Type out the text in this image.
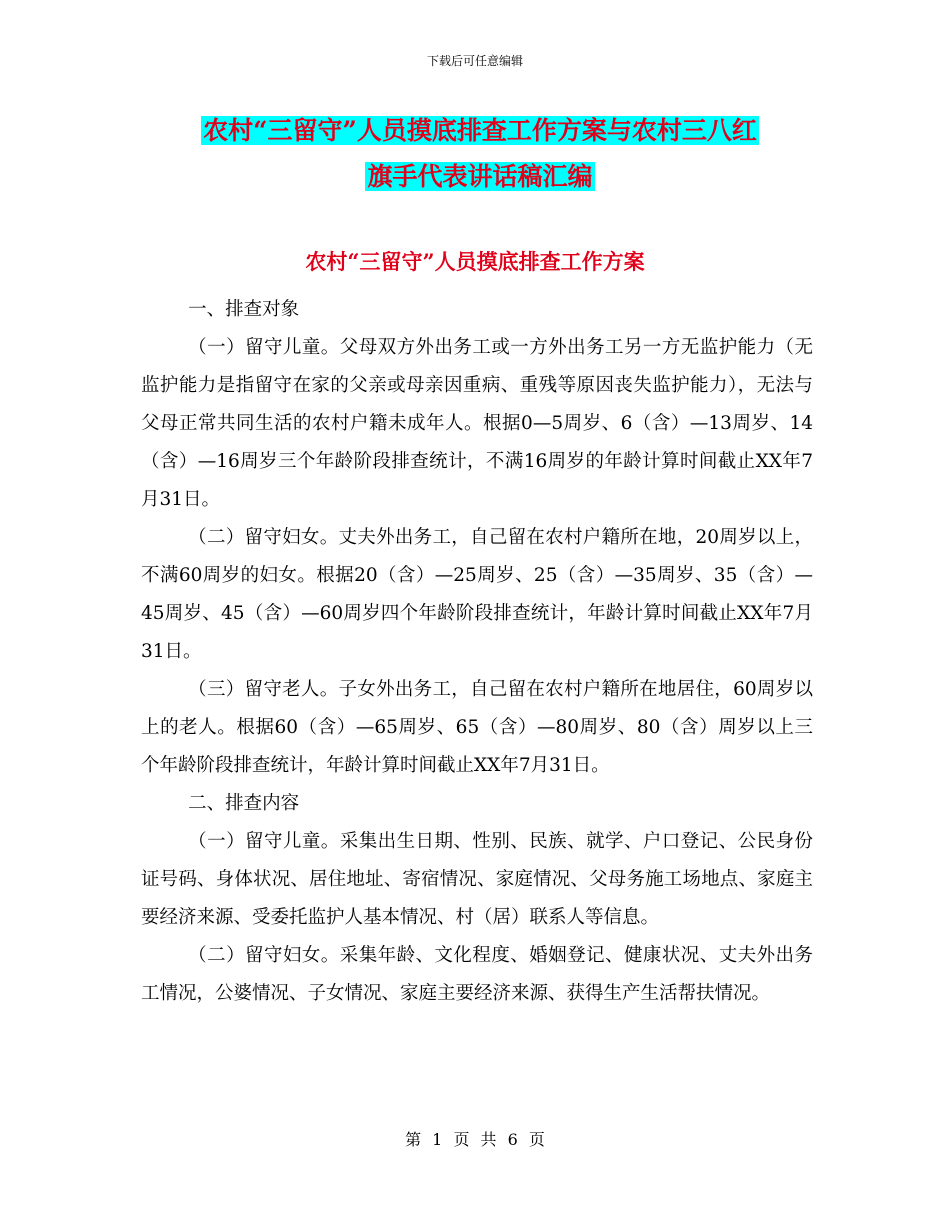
下载后可任意编辑
农村“三留守”人员摸底排查工作方案与农村三八红
旗手代表讲话稿汇编
农村“三留守”人员摸底排查工作方案

一、排查对象

（一）留守儿童。父母双方外出务工或一方外出务工另一方无监护能力（无监护能力是指留守在家的父亲或母亲因重病、重残等原因丧失监护能力），无法与父母正常共同生活的农村户籍未成年人。根据0—5周岁、6（含）—13周岁、14（含）—16周岁三个年龄阶段排查统计，不满16周岁的年龄计算时间截止XX年7月31日。

（二）留守妇女。丈夫外出务工，自己留在农村户籍所在地，20周岁以上，不满60周岁的妇女。根据20（含）—25周岁、25（含）—35周岁、35（含）—45周岁、45（含）—60周岁四个年龄阶段排查统计，年龄计算时间截止XX年7月31日。

（三）留守老人。子女外出务工，自己留在农村户籍所在地居住，60周岁以上的老人。根据60（含）—65周岁、65（含）—80周岁、80（含）周岁以上三个年龄阶段排查统计，年龄计算时间截止XX年7月31日。

二、排查内容

（一）留守儿童。采集出生日期、性别、民族、就学、户口登记、公民身份证号码、身体状况、居住地址、寄宿情况、家庭情况、父母务施工场地点、家庭主要经济来源、受委托监护人基本情况、村（居）联系人等信息。

（二）留守妇女。采集年龄、文化程度、婚姻登记、健康状况、丈夫外出务工情况，公婆情况、子女情况、家庭主要经济来源、获得生产生活帮扶情况。

第 1 页 共 6 页
